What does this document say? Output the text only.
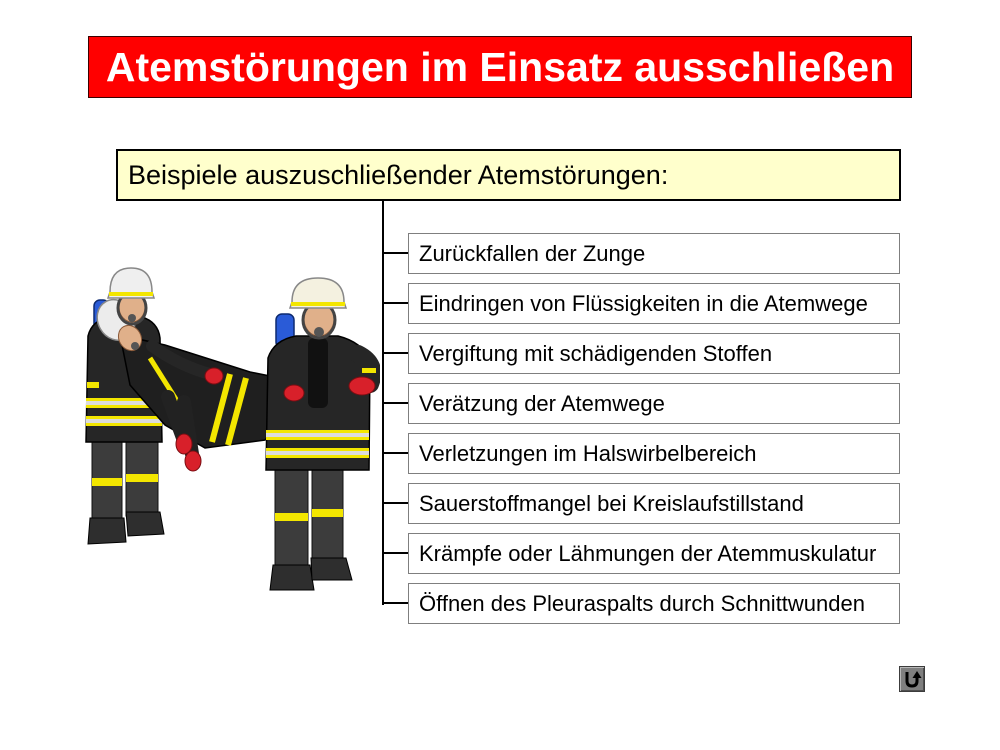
Atemstörungen im Einsatz ausschließen
Beispiele auszuschließender Atemstörungen:
Zurückfallen der Zunge
Eindringen von Flüssigkeiten in die Atemwege
Vergiftung mit schädigenden Stoffen
Verätzung der Atemwege
Verletzungen im Halswirbelbereich
Sauerstoffmangel bei Kreislaufstillstand
Krämpfe oder Lähmungen der Atemmuskulatur
Öffnen des Pleuraspalts durch Schnittwunden
